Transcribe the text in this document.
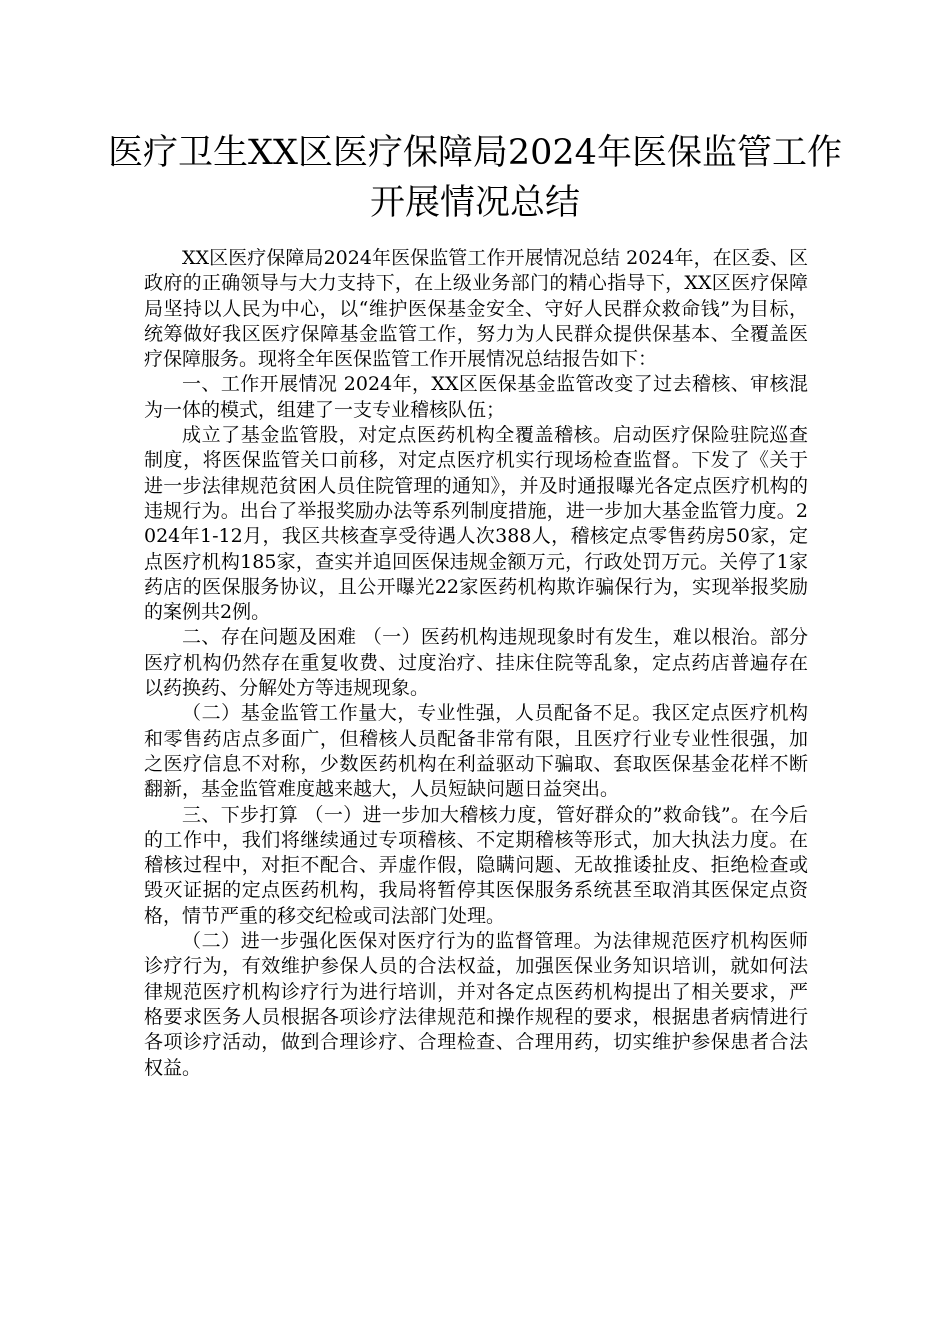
医疗卫生XX区医疗保障局2024年医保监管工作开展情况总结

XX区医疗保障局2024年医保监管工作开展情况总结 2024年，在区委、区政府的正确领导与大力支持下，在上级业务部门的精心指导下，XX区医疗保障局坚持以人民为中心，以“维护医保基金安全、守好人民群众救命钱”为目标，统筹做好我区医疗保障基金监管工作，努力为人民群众提供保基本、全覆盖医疗保障服务。现将全年医保监管工作开展情况总结报告如下：

一、工作开展情况 2024年，XX区医保基金监管改变了过去稽核、审核混为一体的模式，组建了一支专业稽核队伍；

成立了基金监管股，对定点医药机构全覆盖稽核。启动医疗保险驻院巡查制度，将医保监管关口前移，对定点医疗机实行现场检查监督。下发了《关于进一步法律规范贫困人员住院管理的通知》，并及时通报曝光各定点医疗机构的违规行为。出台了举报奖励办法等系列制度措施，进一步加大基金监管力度。2024年1-12月，我区共核查享受待遇人次388人，稽核定点零售药房50家，定点医疗机构185家，查实并追回医保违规金额万元，行政处罚万元。关停了1家药店的医保服务协议，且公开曝光22家医药机构欺诈骗保行为，实现举报奖励的案例共2例。

二、存在问题及困难 （一）医药机构违规现象时有发生，难以根治。部分医疗机构仍然存在重复收费、过度治疗、挂床住院等乱象，定点药店普遍存在以药换药、分解处方等违规现象。

（二）基金监管工作量大，专业性强，人员配备不足。我区定点医疗机构和零售药店点多面广，但稽核人员配备非常有限，且医疗行业专业性很强，加之医疗信息不对称，少数医药机构在利益驱动下骗取、套取医保基金花样不断翻新，基金监管难度越来越大，人员短缺问题日益突出。

三、下步打算 （一）进一步加大稽核力度，管好群众的”救命钱”。在今后的工作中，我们将继续通过专项稽核、不定期稽核等形式，加大执法力度。在稽核过程中，对拒不配合、弄虚作假，隐瞒问题、无故推诿扯皮、拒绝检查或毁灭证据的定点医药机构，我局将暂停其医保服务系统甚至取消其医保定点资格，情节严重的移交纪检或司法部门处理。

（二）进一步强化医保对医疗行为的监督管理。为法律规范医疗机构医师诊疗行为，有效维护参保人员的合法权益，加强医保业务知识培训，就如何法律规范医疗机构诊疗行为进行培训，并对各定点医药机构提出了相关要求，严格要求医务人员根据各项诊疗法律规范和操作规程的要求，根据患者病情进行各项诊疗活动，做到合理诊疗、合理检查、合理用药，切实维护参保患者合法权益。
